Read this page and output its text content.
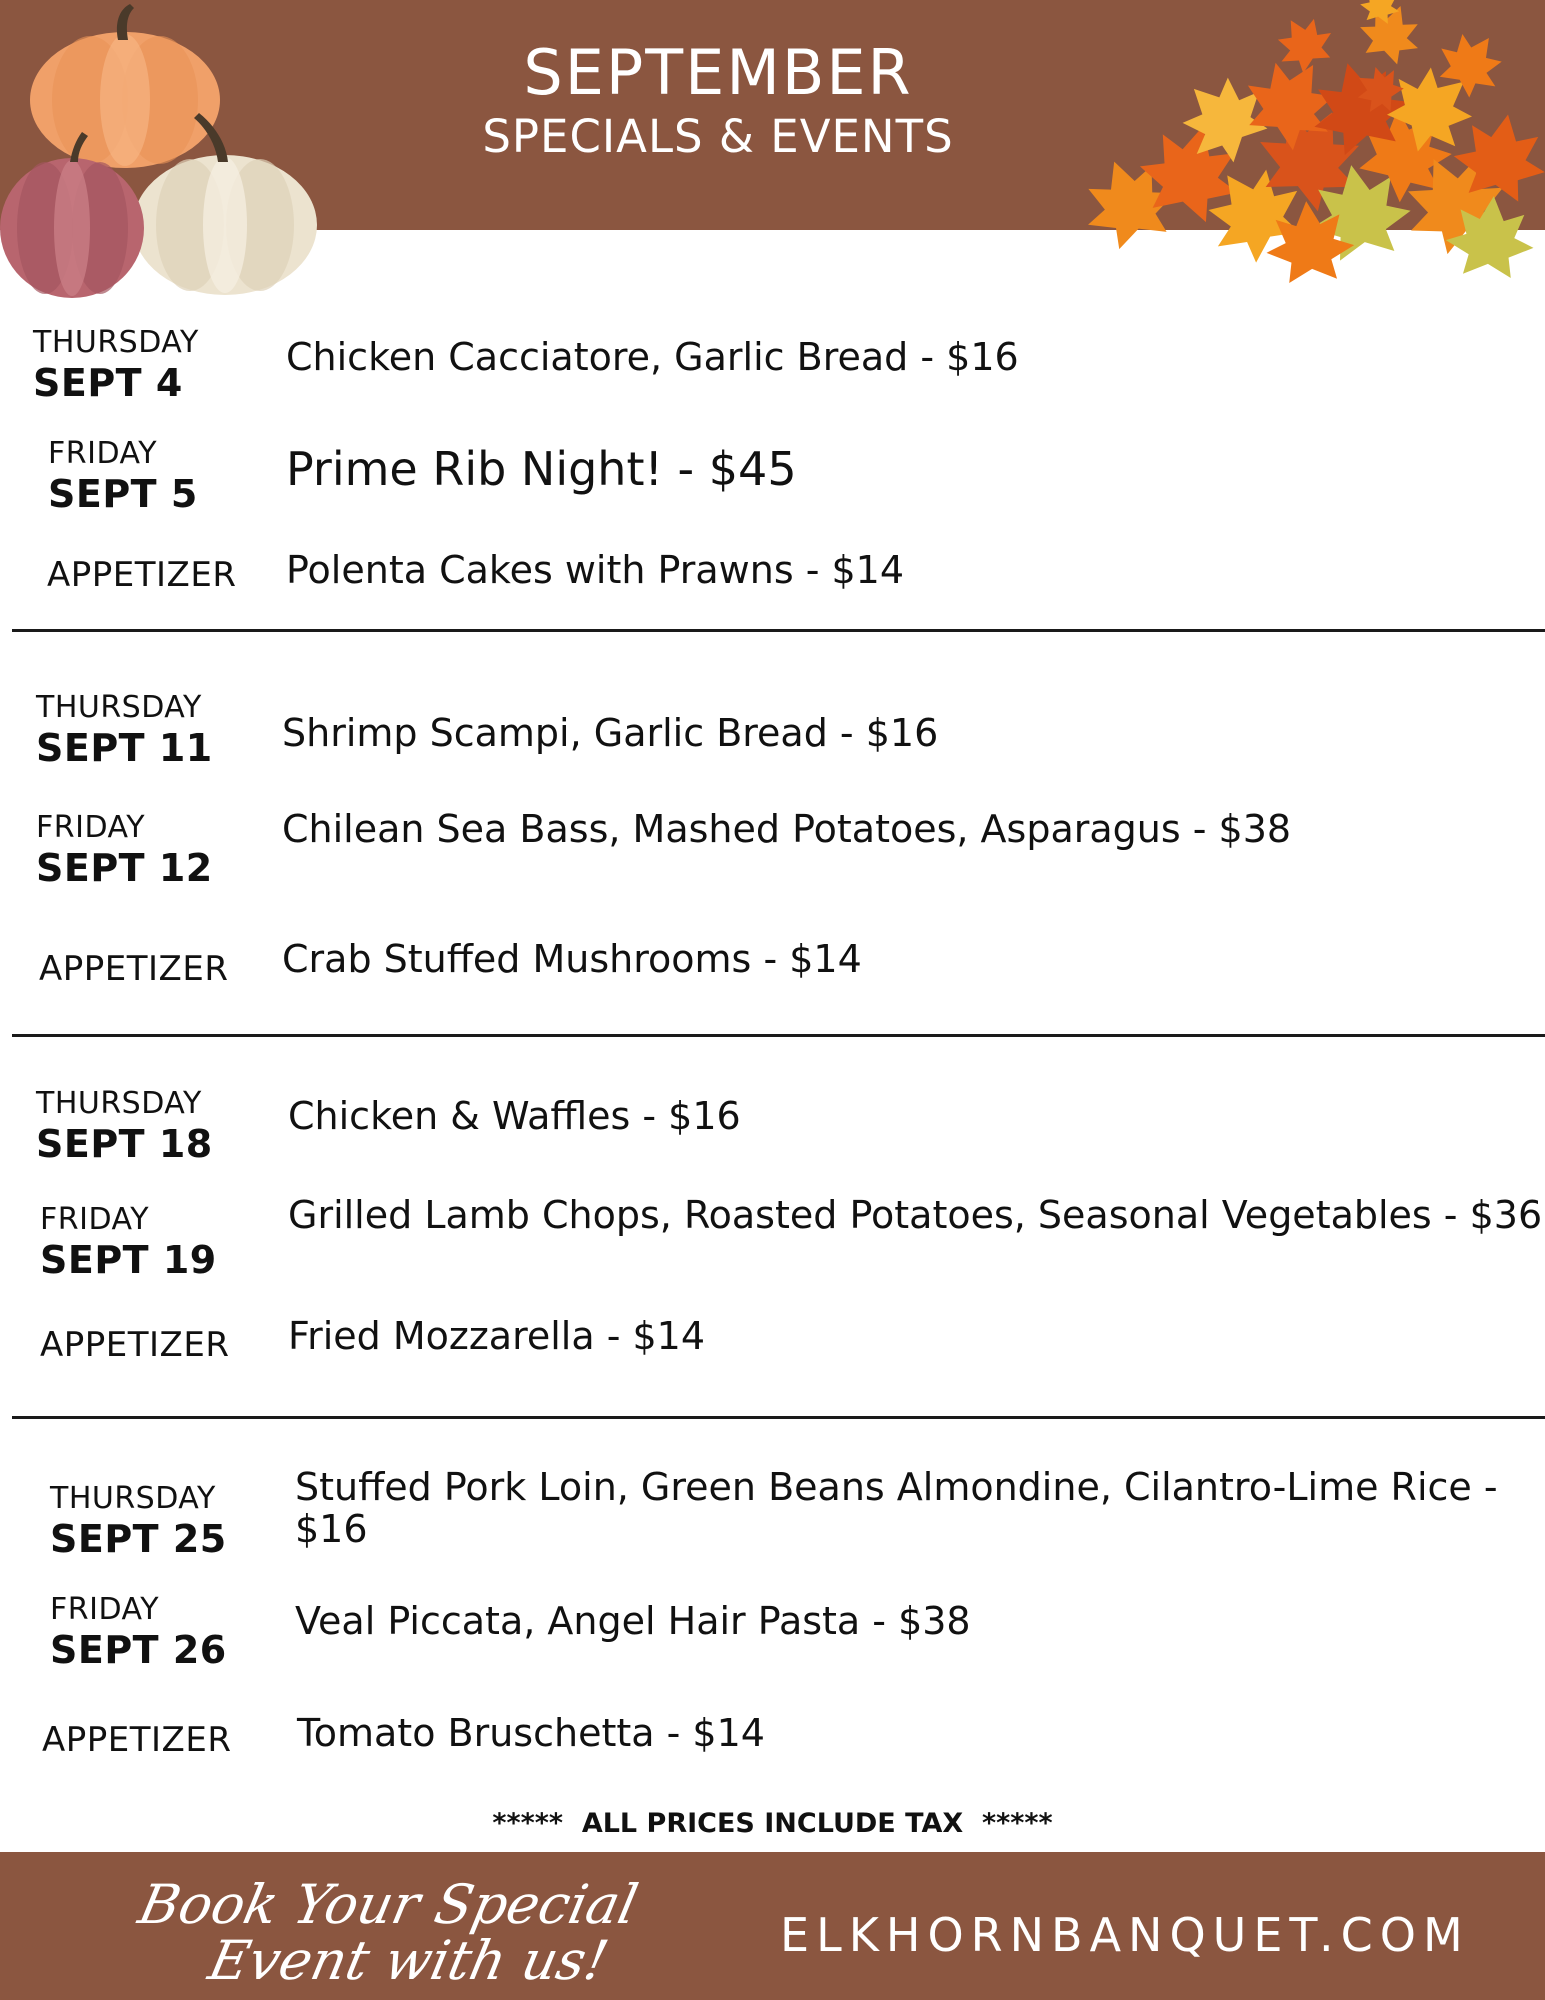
SEPTEMBER
SPECIALS & EVENTS
THURSDAY
SEPT 4
Chicken Cacciatore, Garlic Bread - $16
FRIDAY
SEPT 5 Prime Rib Night! - $45
APPETIZER Polenta Cakes with Prawns - $14
THURSDAY
SEPT 11 Shrimp Scampi, Garlic Bread - $16
FRIDAY
SEPT 12
Chilean Sea Bass, Mashed Potatoes, Asparagus - $38
APPETIZER Crab Stuffed Mushrooms - $14
THURSDAY
SEPT 18
Chicken & Waffles - $16
FRIDAY
SEPT 19
Grilled Lamb Chops, Roasted Potatoes, Seasonal Vegetables - $36
APPETIZER Fried Mozzarella - $14
THURSDAY
SEPT 25
Stuffed Pork Loin, Green Beans Almondine, Cilantro-Lime Rice - $16
FRIDAY
SEPT 26
Veal Piccata, Angel Hair Pasta - $38
APPETIZER Tomato Bruschetta - $14
*****  ALL PRICES INCLUDE TAX  *****
Book Your Special
Event with us!	ELKHORNBANQUET.COM
